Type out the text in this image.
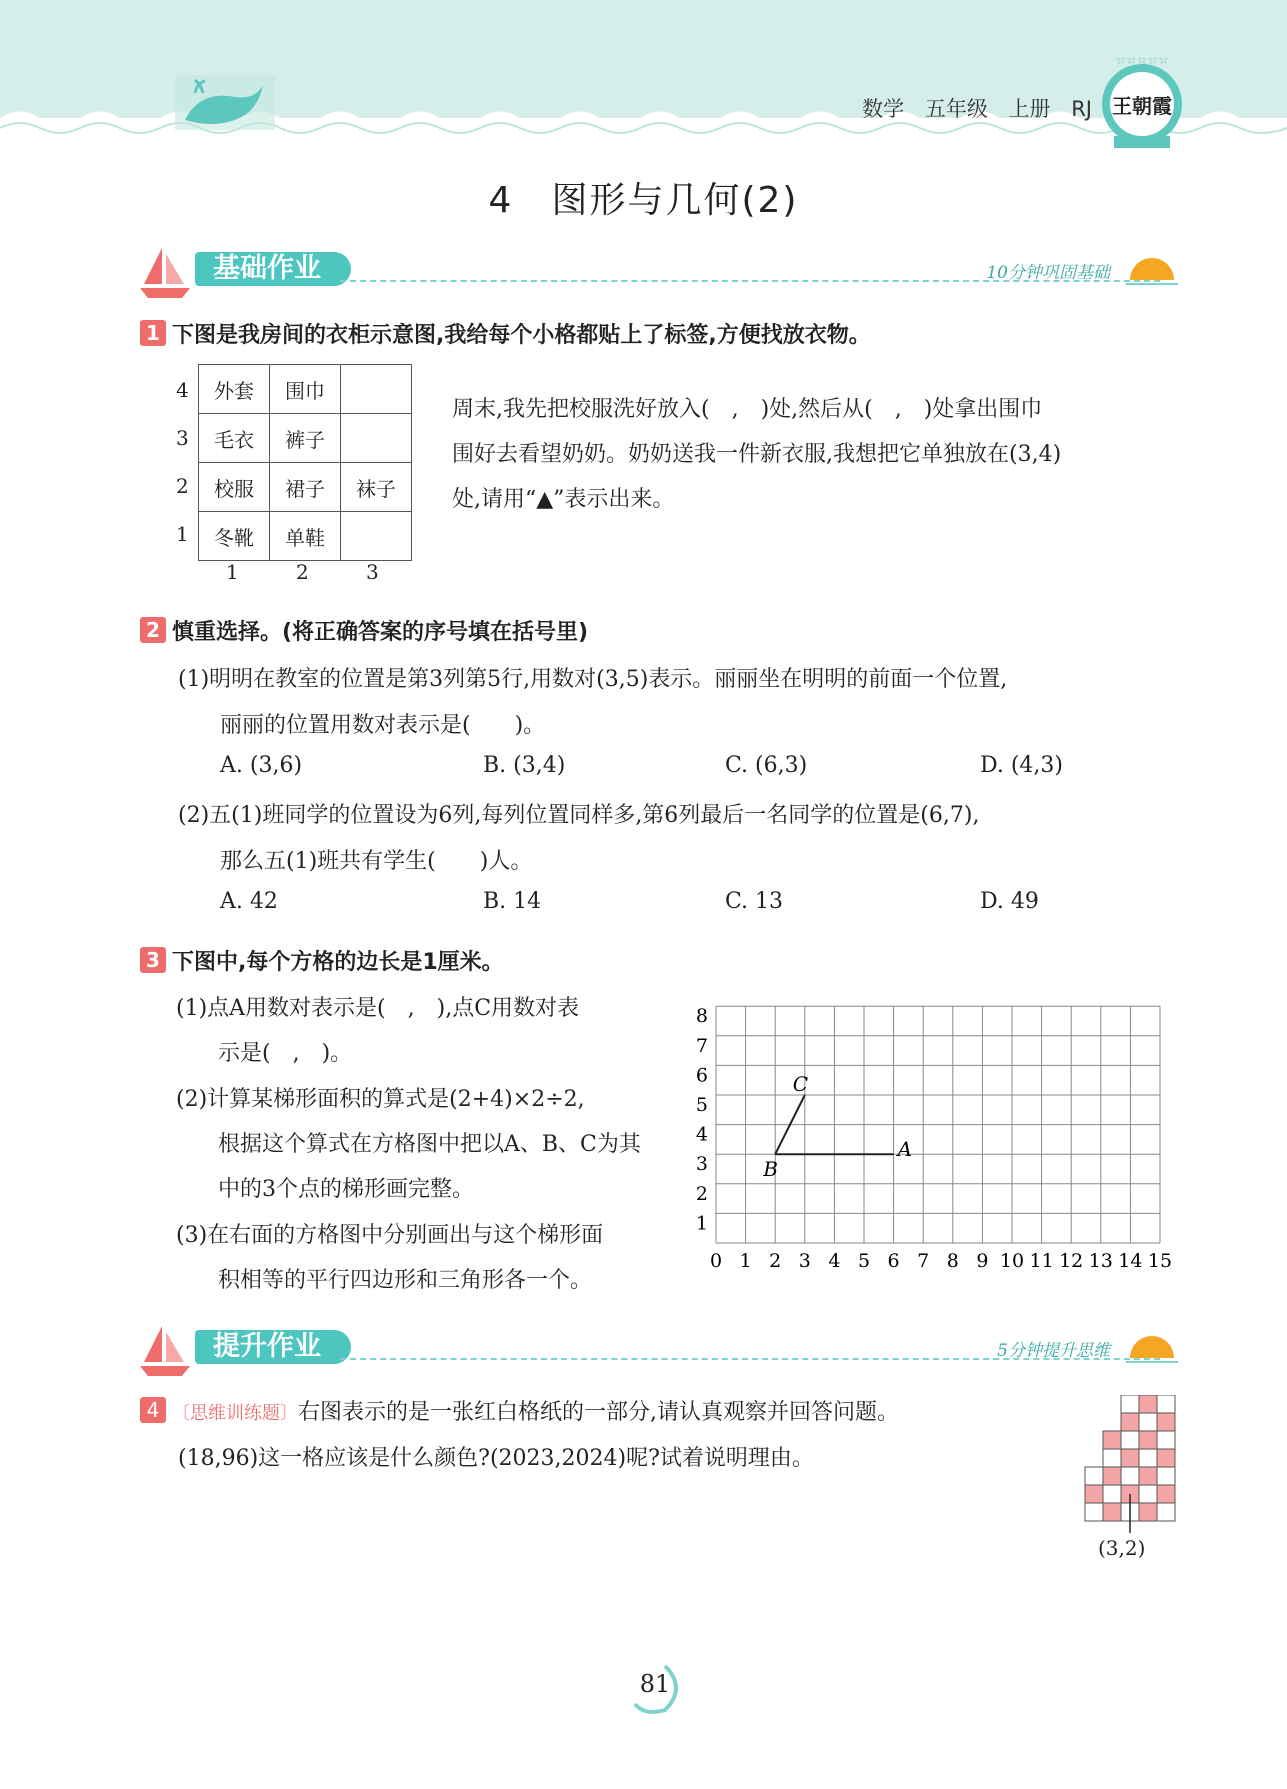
数学 五年级 上册 RJ
☆☆☆☆☆
王朝霞
4　图形与几何(2)
基础作业	10分钟巩固基础
1 下图是我房间的衣柜示意图,我给每个小格都贴上了标签,方便找放衣物。
4
3
2
1
外套	围巾	
毛衣	裤子	
校服	裙子	袜子
冬靴	单鞋	
1	2	3
周末,我先把校服洗好放入(　,　)处,然后从(　,　)处拿出围巾
围好去看望奶奶。奶奶送我一件新衣服,我想把它单独放在(3,4)
处,请用“▲”表示出来。
2 慎重选择。(将正确答案的序号填在括号里)
(1)明明在教室的位置是第3列第5行,用数对(3,5)表示。丽丽坐在明明的前面一个位置,
丽丽的位置用数对表示是(　　)。
A. (3,6)	B. (3,4)	C. (6,3)	D. (4,3)
(2)五(1)班同学的位置设为6列,每列位置同样多,第6列最后一名同学的位置是(6,7),
那么五(1)班共有学生(　　)人。
A. 42	B. 14	C. 13	D. 49
3 下图中,每个方格的边长是1厘米。
(1)点A用数对表示是(　,　),点C用数对表
示是(　,　)。
(2)计算某梯形面积的算式是(2+4)×2÷2,
根据这个算式在方格图中把以A、B、C为其
中的3个点的梯形画完整。
(3)在右面的方格图中分别画出与这个梯形面
积相等的平行四边形和三角形各一个。
0 1 2 3 4 5 6 7 8 9 10 11 12 13 14 15
1
2
3
4
5
6
7
8
A
B
C
提升作业	5分钟提升思维
4 〔思维训练题〕右图表示的是一张红白格纸的一部分,请认真观察并回答问题。
(18,96)这一格应该是什么颜色?(2023,2024)呢?试着说明理由。
(3,2)
81
